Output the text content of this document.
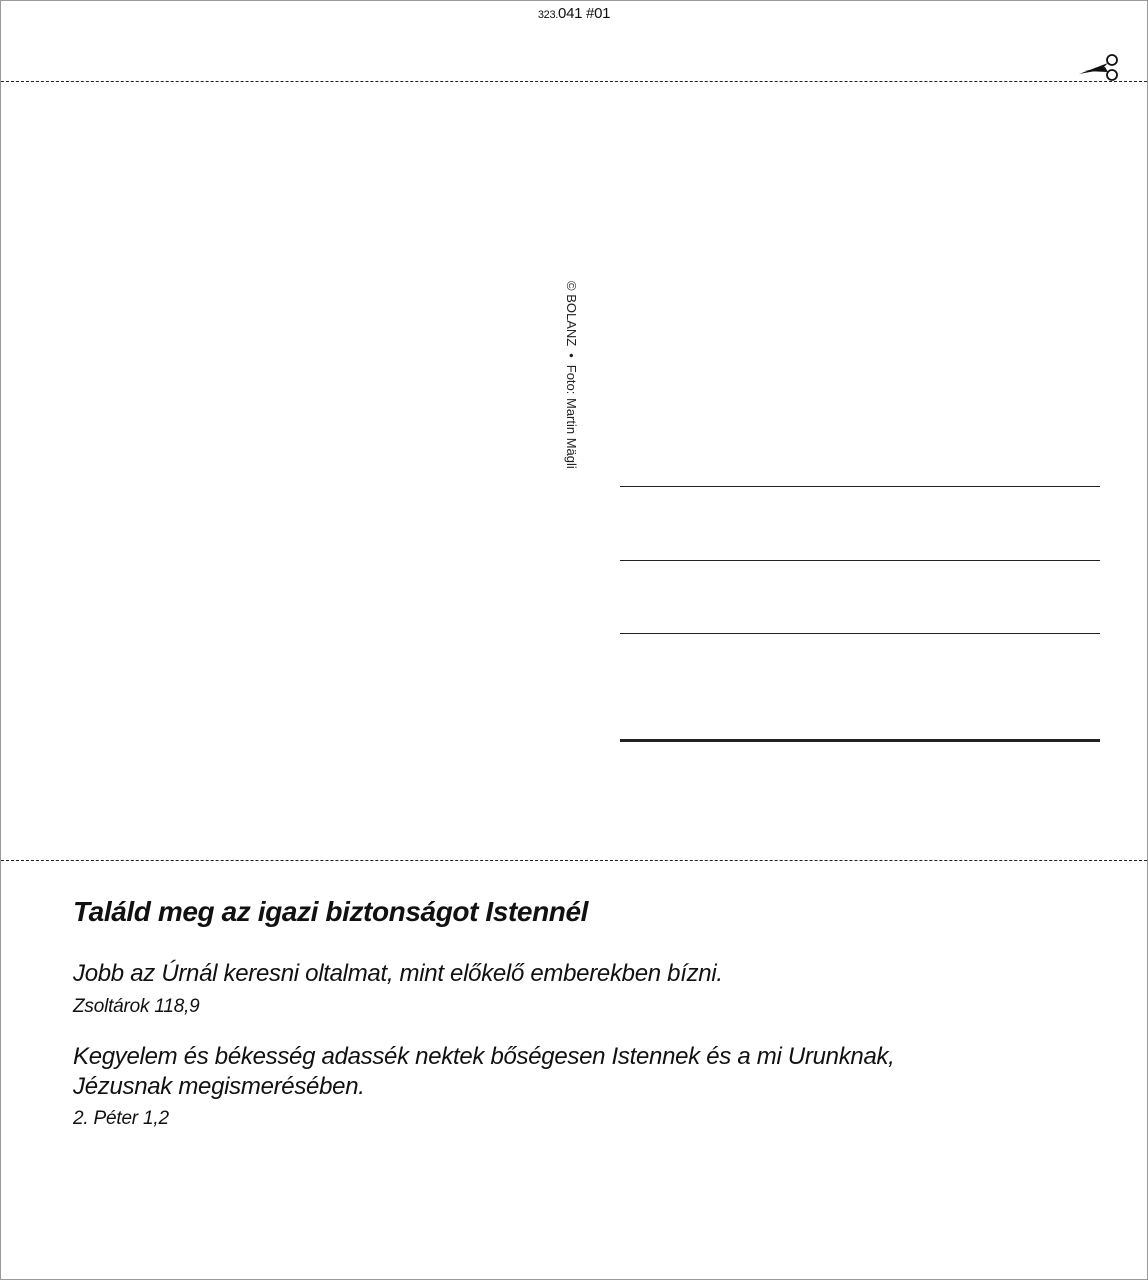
323.041 #01
© BOLANZ•Foto: Martin Mägli
Találd meg az igazi biztonságot Istennél
Jobb az Úrnál keresni oltalmat, mint előkelő emberekben bízni.
Zsoltárok 118,9
Kegyelem és békesség adassék nektek bőségesen Istennek és a mi Urunknak,
Jézusnak megismerésében.
2. Péter 1,2
